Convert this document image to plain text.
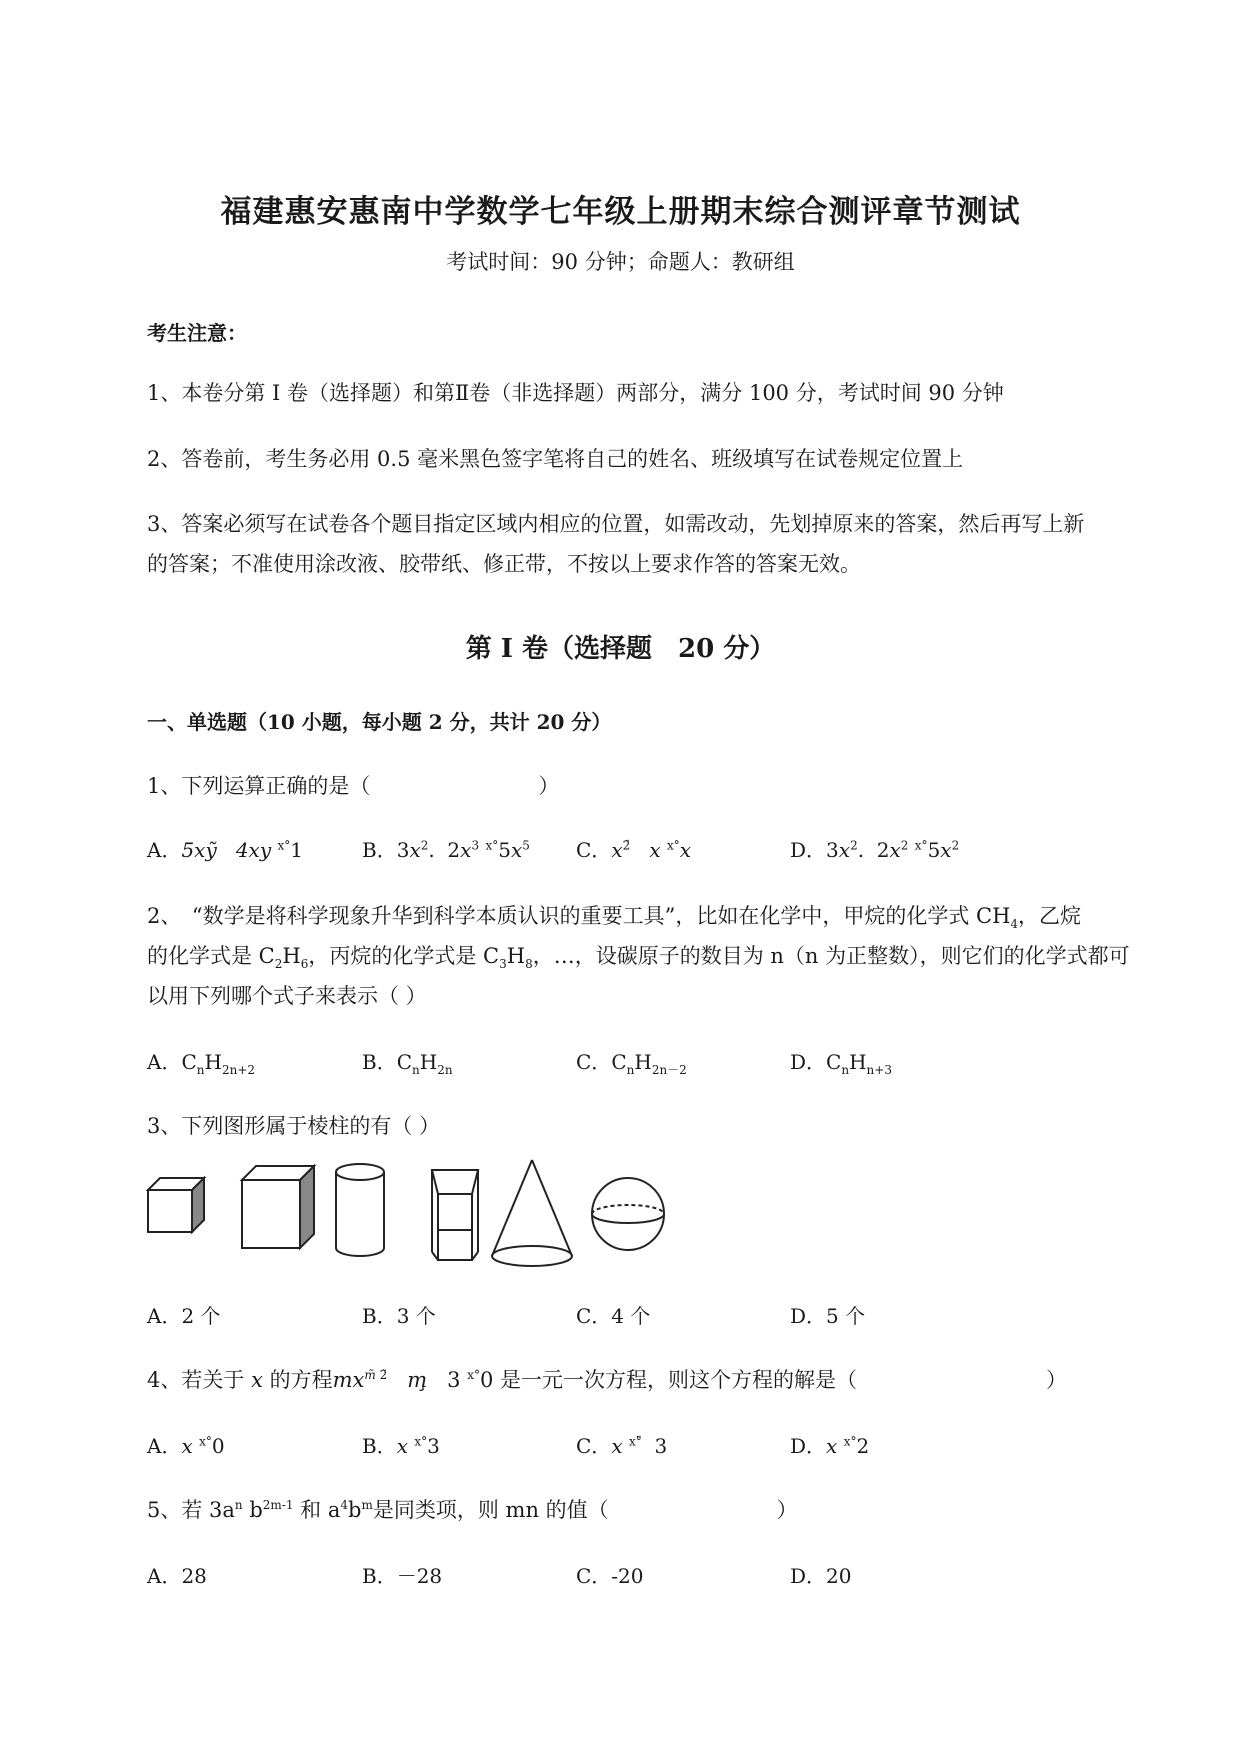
福建惠安惠南中学数学七年级上册期末综合测评章节测试
考试时间：90 分钟；命题人：教研组
考生注意：
1、本卷分第 I 卷（选择题）和第Ⅱ卷（非选择题）两部分，满分 100 分，考试时间 90 分钟
2、答卷前，考生务必用 0.5 毫米黑色签字笔将自己的姓名、班级填写在试卷规定位置上
3、答案必须写在试卷各个题目指定区域内相应的位置，如需改动，先划掉原来的答案，然后再写上新
的答案；不准使用涂改液、胶带纸、修正带，不按以上要求作答的答案无效。
第 I 卷（选择题　20 分）
一、单选题（10 小题，每小题 2 分，共计 20 分）
1、下列运算正确的是（　　　　　　　　）
A．5xỹ   4xy $^{x^\circ}$1	B．$3x^2$.  $2x^3$ $^{x^\circ}5x^5$ C．$x^{2̃}$ x $^{x^\circ}$x	D．$3x^2$.  $2x^2$ $^{x^\circ}5x^2$
2、　“数学是将科学现象升华到科学本质认识的重要工具”，比如在化学中，甲烷的化学式 $CH_4$，乙烷
的化学式是 $C_2H_6$，丙烷的化学式是 $C_3H_8$，…，设碳原子的数目为 n（n 为正整数），则它们的化学式都可
以用下列哪个式子来表示（ ）
A．$C_nH_{2n+2}$	B．$C_nH_{2n}$	C．$C_nH_{2n-2}$	D．$C_nH_{n+3}$
3、下列图形属于棱柱的有（ ）
A．2 个	B．3 个	C．4 个	D．5 个
4、若关于 x 的方程$mx^{m̃ 2̃}$ m̧   3 $^{x^\circ}$0 是一元一次方程，则这个方程的解是（　　　　　　　　　）
A．x $^{x^\circ}$0	B．x $^{x^\circ}$3	C．x $^{x^\circ̃}$  3	D．x $^{x^\circ}$2
5、若 $3a^n$ $b^{2m-1}$ 和 $a^4b^m$是同类项，则 mn 的值（　　　　　　　　）
A．28	B．－28	C．-20	D．20
